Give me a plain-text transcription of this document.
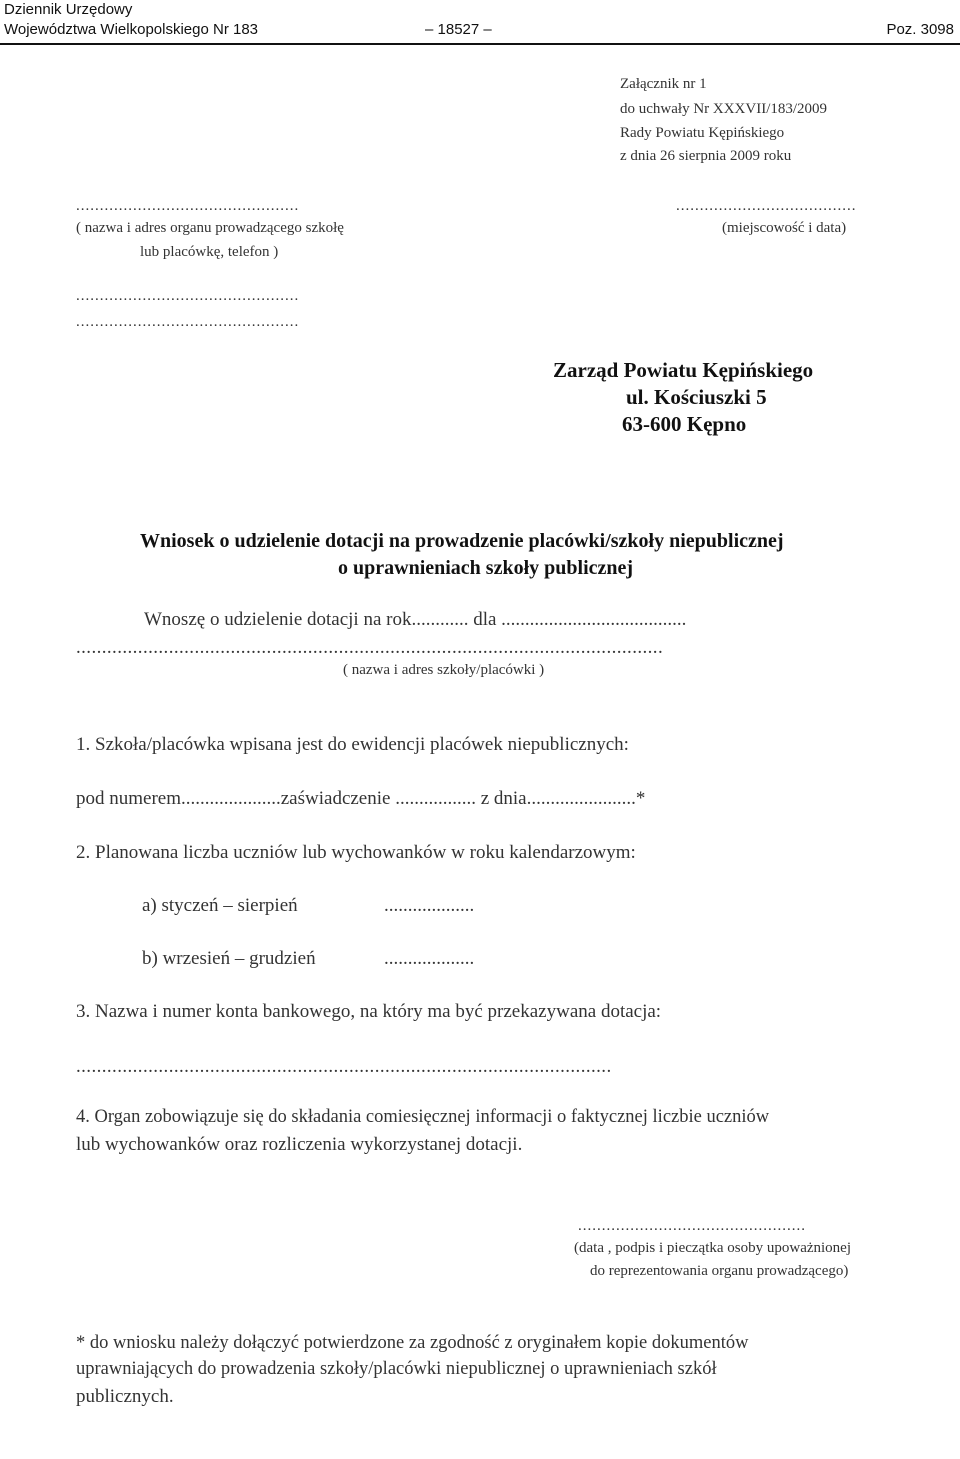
Dziennik Urzędowy
Województwa Wielkopolskiego Nr 183	– 18527 –	Poz. 3098
Załącznik nr 1
do uchwały Nr XXXVII/183/2009
Rady Powiatu Kępińskiego
z dnia 26 sierpnia 2009 roku
...............................................
( nazwa i adres organu prowadzącego szkołę
lub placówkę, telefon )
...............................................
...............................................
......................................
(miejscowość i data)
Zarząd Powiatu Kępińskiego
ul. Kościuszki 5
63-600 Kępno
Wniosek o udzielenie dotacji na prowadzenie placówki/szkoły niepublicznej
o uprawnieniach szkoły publicznej
Wnoszę o udzielenie dotacji na rok............ dla .......................................
..................................................................................................................
( nazwa i adres szkoły/placówki )
1. Szkoła/placówka wpisana jest do ewidencji placówek niepublicznych:
pod numerem.....................zaświadczenie ................. z dnia.......................*
2. Planowana liczba uczniów lub wychowanków w roku kalendarzowym:
a) styczeń – sierpień	...................
b) wrzesień – grudzień	...................
3. Nazwa i numer konta bankowego, na który ma być przekazywana dotacja:
........................................................................................................
4. Organ zobowiązuje się do składania comiesięcznej informacji o faktycznej liczbie uczniów
lub wychowanków oraz rozliczenia wykorzystanej dotacji.
................................................
(data , podpis i pieczątka osoby upoważnionej
do reprezentowania organu prowadzącego)
* do wniosku należy dołączyć potwierdzone za zgodność z oryginałem kopie dokumentów
uprawniających do prowadzenia szkoły/placówki niepublicznej o uprawnieniach szkół
publicznych.
